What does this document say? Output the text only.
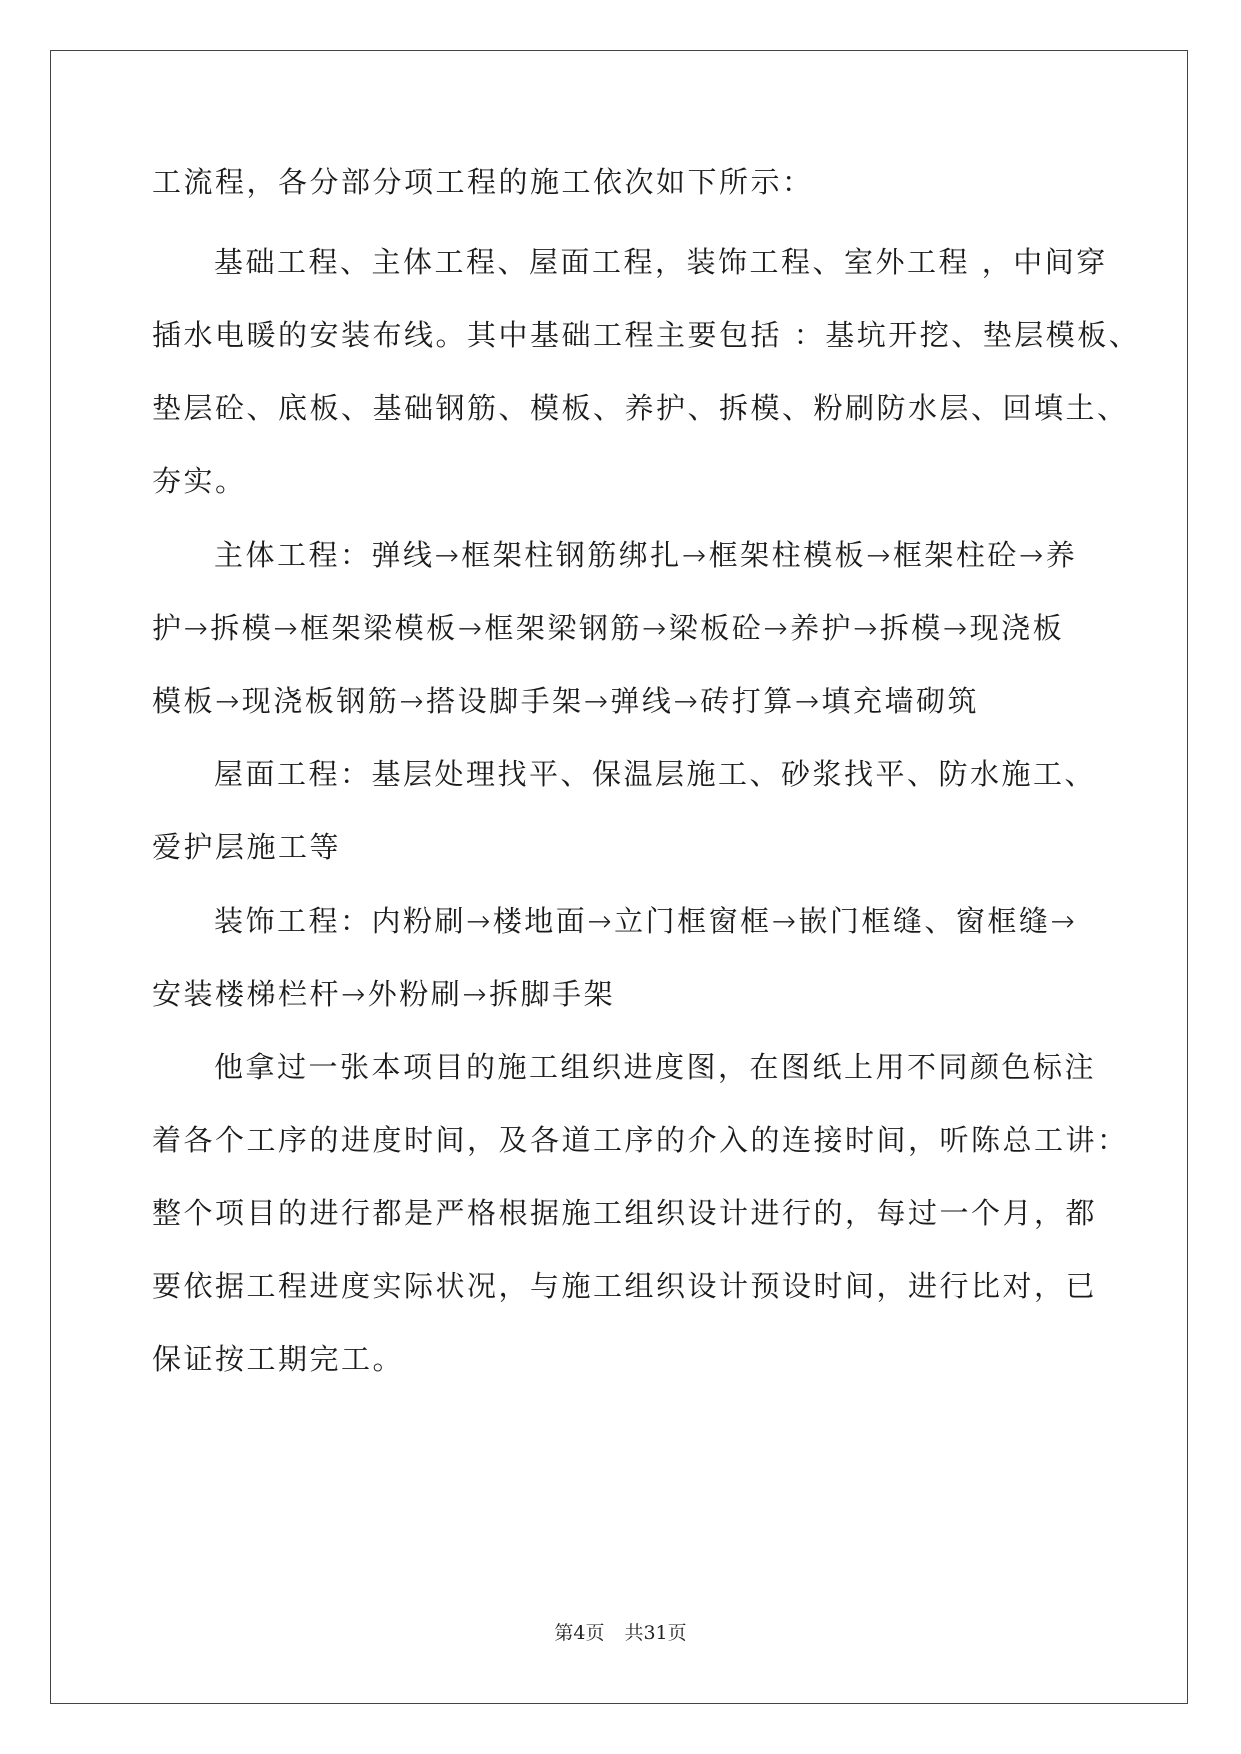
工流程，各分部分项工程的施工依次如下所示：
基础工程、主体工程、屋面工程，装饰工程、室外工程 ，中间穿
插水电暖的安装布线。其中基础工程主要包括 ：基坑开挖、垫层模板、
垫层砼、底板、基础钢筋、模板、养护、拆模、粉刷防水层、回填土、
夯实。
主体工程：弹线→框架柱钢筋绑扎→框架柱模板→框架柱砼→养
护→拆模→框架梁模板→框架梁钢筋→梁板砼→养护→拆模→现浇板
模板→现浇板钢筋→搭设脚手架→弹线→砖打算→填充墙砌筑
屋面工程：基层处理找平、保温层施工、砂浆找平、防水施工、
爱护层施工等
装饰工程：内粉刷→楼地面→立门框窗框→嵌门框缝、窗框缝→
安装楼梯栏杆→外粉刷→拆脚手架
他拿过一张本项目的施工组织进度图，在图纸上用不同颜色标注
着各个工序的进度时间，及各道工序的介入的连接时间，听陈总工讲：
整个项目的进行都是严格根据施工组织设计进行的，每过一个月，都
要依据工程进度实际状况，与施工组织设计预设时间，进行比对，已
保证按工期完工。
第4页 共31页
